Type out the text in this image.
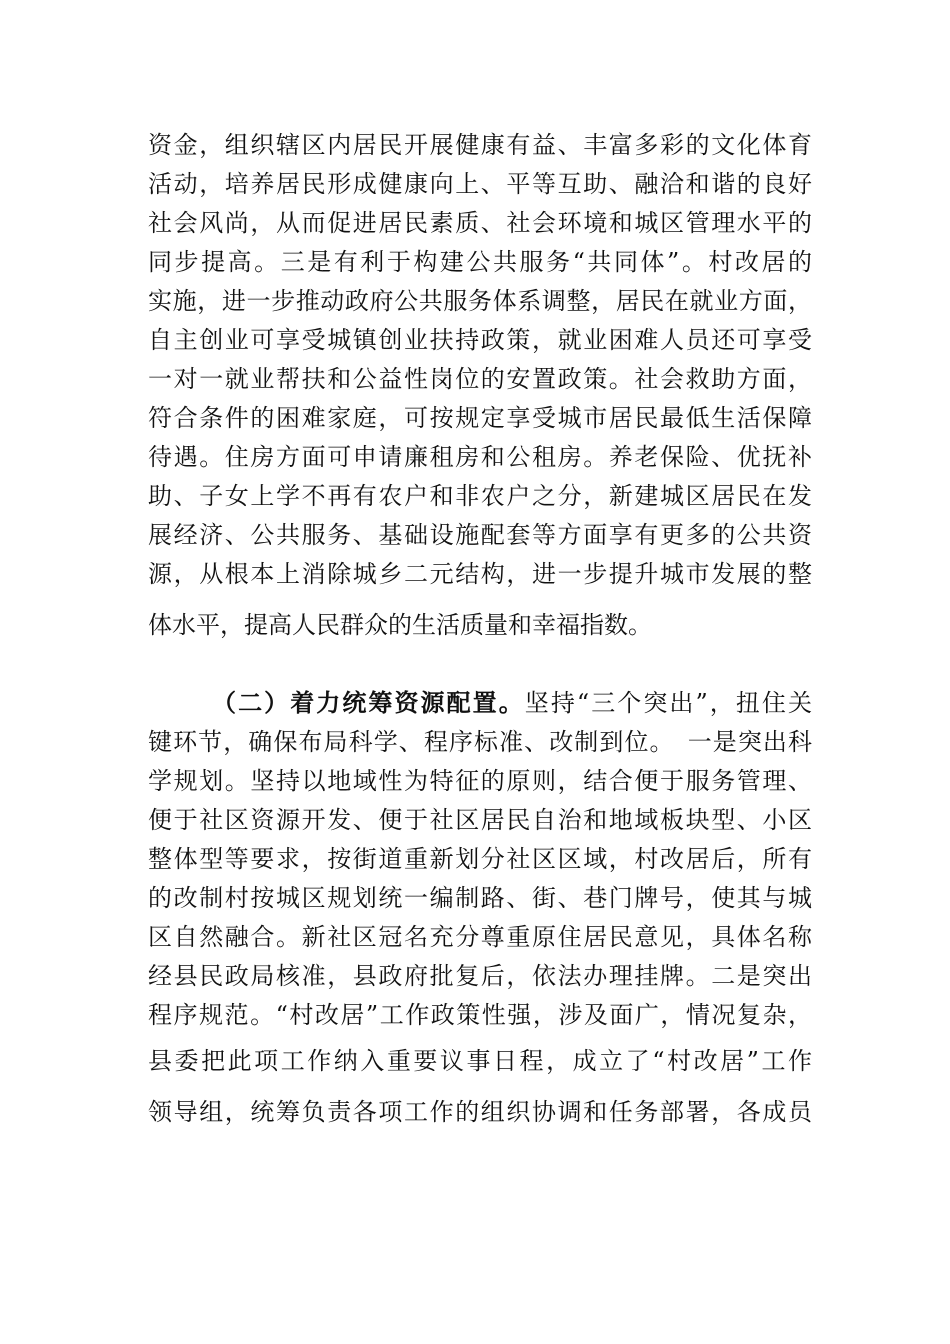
资金，组织辖区内居民开展健康有益、丰富多彩的文化体育
活动，培养居民形成健康向上、平等互助、融洽和谐的良好
社会风尚，从而促进居民素质、社会环境和城区管理水平的
同步提高。三是有利于构建公共服务“共同体”。村改居的
实施，进一步推动政府公共服务体系调整，居民在就业方面，
自主创业可享受城镇创业扶持政策，就业困难人员还可享受
一对一就业帮扶和公益性岗位的安置政策。社会救助方面，
符合条件的困难家庭，可按规定享受城市居民最低生活保障
待遇。住房方面可申请廉租房和公租房。养老保险、优抚补
助、子女上学不再有农户和非农户之分，新建城区居民在发
展经济、公共服务、基础设施配套等方面享有更多的公共资
源，从根本上消除城乡二元结构，进一步提升城市发展的整
体水平，提高人民群众的生活质量和幸福指数。
（二）着力统筹资源配置。坚持“三个突出”，扭住关
键环节，确保布局科学、程序标准、改制到位。　一是突出科
学规划。坚持以地域性为特征的原则，结合便于服务管理、
便于社区资源开发、便于社区居民自治和地域板块型、小区
整体型等要求，按街道重新划分社区区域，村改居后，所有
的改制村按城区规划统一编制路、街、巷门牌号，使其与城
区自然融合。新社区冠名充分尊重原住居民意见，具体名称
经县民政局核准，县政府批复后，依法办理挂牌。二是突出
程序规范。“村改居”工作政策性强，涉及面广，情况复杂，
县委把此项工作纳入重要议事日程，成立了“村改居”工作
领导组，统筹负责各项工作的组织协调和任务部署，各成员
